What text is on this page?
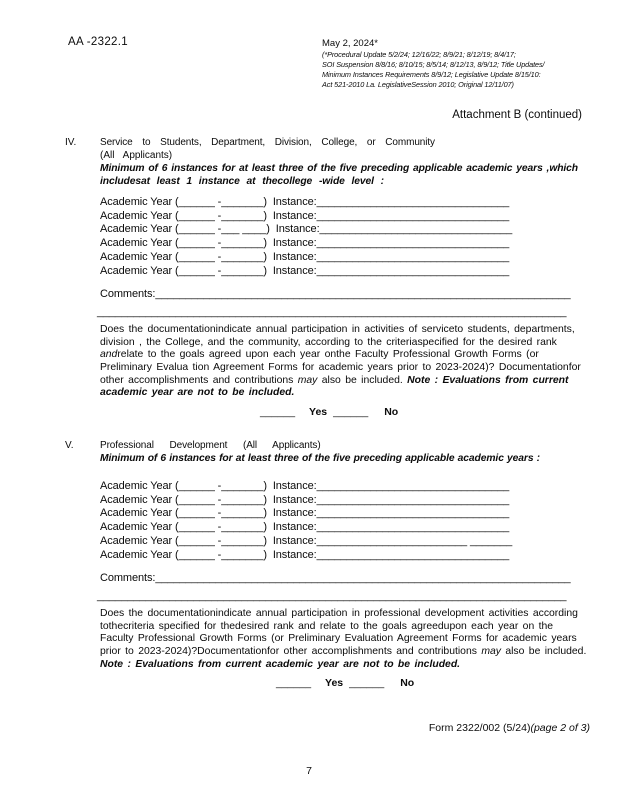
AA -2322.1	May 2, 2024*
(*Procedural Update 5/2/24; 12/16/22; 8/9/21; 8/12/19; 8/4/17;
SOI Suspension 8/8/16; 8/10/15; 8/5/14; 8/12/13, 8/9/12; Title Updates/
Minimum Instances Requirements 8/9/12; Legislative Update 8/15/10:
Act 521-2010 La. LegislativeSession 2010; Original 12/11/07)
Attachment B (continued)
IV.	Service to Students, Department, Division, College, or Community
(All Applicants)
Minimum of 6 instances for at least three of the five preceding applicable academic years ,which
includesat least 1 instance at thecollege -wide level :
Academic Year (______ -_______)  Instance:________________________________
Academic Year (______ -_______)  Instance:________________________________
Academic Year (______ -___ ____)  Instance:________________________________
Academic Year (______ -_______)  Instance:________________________________
Academic Year (______ -_______)  Instance:________________________________
Academic Year (______ -_______)  Instance:________________________________
Comments:_____________________________________________________________________
______________________________________________________________________________

Does the documentationindicate annual participation in activities of serviceto students, departments, division , the College, and the community, according to the criteriaspecified for the desired rank andrelate to the goals agreed upon each year onthe Faculty Professional Growth Forms (or Preliminary Evalua tion Agreement Forms for academic years prior to 2023-2024)? Documentationfor other accomplishments and contributions may also be included. Note : Evaluations from current academic year are not to be included.

______ Yes ______ No
V.	Professional Development (All Applicants)
Minimum of 6 instances for at least three of the five preceding applicable academic years :
Academic Year (______ -_______)  Instance:________________________________
Academic Year (______ -_______)  Instance:________________________________
Academic Year (______ -_______)  Instance:________________________________
Academic Year (______ -_______)  Instance:________________________________
Academic Year (______ -_______)  Instance:_________________________ _______
Academic Year (______ -_______)  Instance:________________________________
Comments:_____________________________________________________________________
______________________________________________________________________________

Does the documentationindicate annual participation in professional development activities according tothecriteria specified for thedesired rank and relate to the goals agreedupon each year on the Faculty Professional Growth Forms (or Preliminary Evaluation Agreement Forms for academic years prior to 2023-2024)?Documentationfor other accomplishments and contributions may also be included. Note : Evaluations from current academic year are not to be included.

______ Yes ______ No
Form 2322/002 (5/24)(page 2 of 3)
7
